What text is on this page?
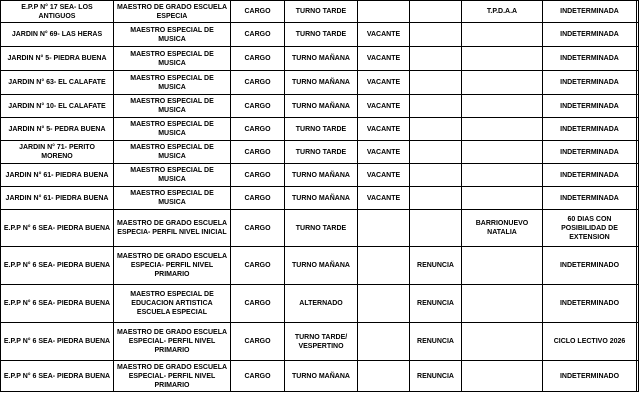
E.P.P N° 17 SEA- LOS ANTIGUOS	MAESTRO DE GRADO ESCUELA ESPECIA	CARGO	TURNO TARDE			T.P.D.A.A	INDETERMINADA	
JARDIN N° 69- LAS HERAS	MAESTRO ESPECIAL DE MUSICA	CARGO	TURNO TARDE	VACANTE			INDETERMINADA	
JARDIN N° 5- PIEDRA BUENA	MAESTRO ESPECIAL DE MUSICA	CARGO	TURNO MAÑANA	VACANTE			INDETERMINADA	
JARDIN N° 63- EL CALAFATE	MAESTRO ESPECIAL DE MUSICA	CARGO	TURNO MAÑANA	VACANTE			INDETERMINADA	
JARDIN N° 10- EL CALAFATE	MAESTRO ESPECIAL DE MUSICA	CARGO	TURNO MAÑANA	VACANTE			INDETERMINADA	
JARDIN N° 5- PEDRA BUENA	MAESTRO ESPECIAL DE MUSICA	CARGO	TURNO TARDE	VACANTE			INDETERMINADA	
JARDIN N° 71- PERITO MORENO	MAESTRO ESPECIAL DE MUSICA	CARGO	TURNO TARDE	VACANTE			INDETERMINADA	
JARDIN N° 61- PIEDRA BUENA	MAESTRO ESPECIAL DE MUSICA	CARGO	TURNO MAÑANA	VACANTE			INDETERMINADA	
JARDIN N° 61- PIEDRA BUENA	MAESTRO ESPECIAL DE MUSICA	CARGO	TURNO MAÑANA	VACANTE			INDETERMINADA	
E.P.P N° 6 SEA- PIEDRA BUENA	MAESTRO DE GRADO ESCUELA ESPECIA- PERFIL NIVEL INICIAL	CARGO	TURNO TARDE			BARRIONUEVO NATALIA	60 DIAS CON POSIBILIDAD DE EXTENSION	
E.P.P N° 6 SEA- PIEDRA BUENA	MAESTRO DE GRADO ESCUELA ESPECIA- PERFIL NIVEL PRIMARIO	CARGO	TURNO MAÑANA		RENUNCIA		INDETERMINADO	
E.P.P N° 6 SEA- PIEDRA BUENA	MAESTRO ESPECIAL DE EDUCACION ARTISTICA ESCUELA ESPECIAL	CARGO	ALTERNADO		RENUNCIA		INDETERMINADO	
E.P.P N° 6 SEA- PIEDRA BUENA	MAESTRO DE GRADO ESCUELA ESPECIAL- PERFIL NIVEL PRIMARIO	CARGO	TURNO TARDE/ VESPERTINO		RENUNCIA		CICLO LECTIVO 2026	
E.P.P N° 6 SEA- PIEDRA BUENA	MAESTRO DE GRADO ESCUELA ESPECIAL- PERFIL NIVEL PRIMARIO	CARGO	TURNO MAÑANA		RENUNCIA		INDETERMINADO	
